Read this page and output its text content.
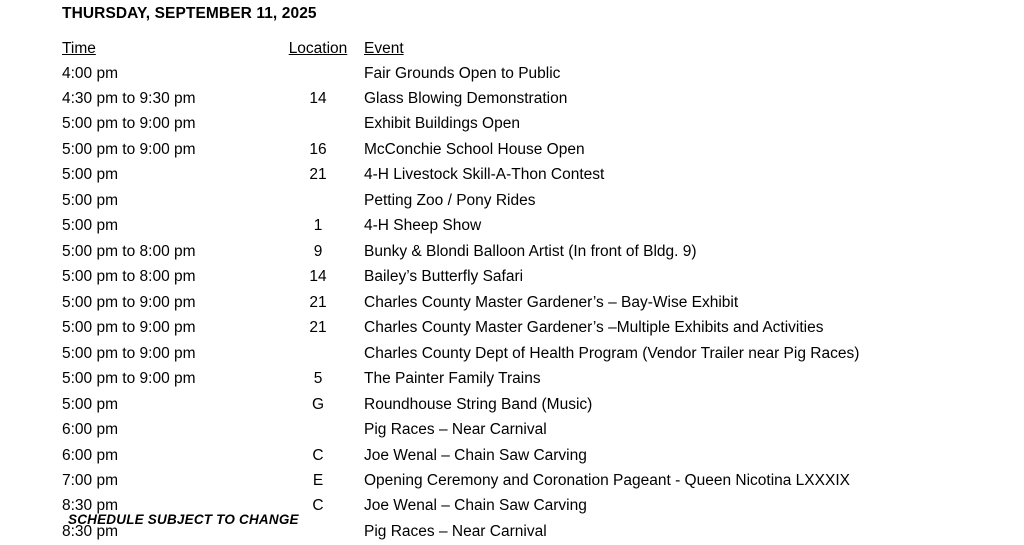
THURSDAY, SEPTEMBER 11, 2025
Time	Location	Event
4:00 pm		Fair Grounds Open to Public
4:30 pm to 9:30 pm	14	Glass Blowing Demonstration
5:00 pm to 9:00 pm		Exhibit Buildings Open
5:00 pm to 9:00 pm	16	McConchie School House Open
5:00 pm	21	4-H Livestock Skill-A-Thon Contest
5:00 pm		Petting Zoo / Pony Rides
5:00 pm	1	4-H Sheep Show
5:00 pm to 8:00 pm	9	Bunky & Blondi Balloon Artist (In front of Bldg. 9)
5:00 pm to 8:00 pm	14	Bailey’s Butterfly Safari
5:00 pm to 9:00 pm	21	Charles County Master Gardener’s – Bay-Wise Exhibit
5:00 pm to 9:00 pm	21	Charles County Master Gardener’s –Multiple Exhibits and Activities
5:00 pm to 9:00 pm		Charles County Dept of Health Program (Vendor Trailer near Pig Races)
5:00 pm to 9:00 pm	5	The Painter Family Trains
5:00 pm	G	Roundhouse String Band (Music)
6:00 pm		Pig Races – Near Carnival
6:00 pm	C	Joe Wenal – Chain Saw Carving
7:00 pm	E	Opening Ceremony and Coronation Pageant - Queen Nicotina LXXXIX
8:30 pm	C	Joe Wenal – Chain Saw Carving
8:30 pm		Pig Races – Near Carnival
SCHEDULE SUBJECT TO CHANGE
